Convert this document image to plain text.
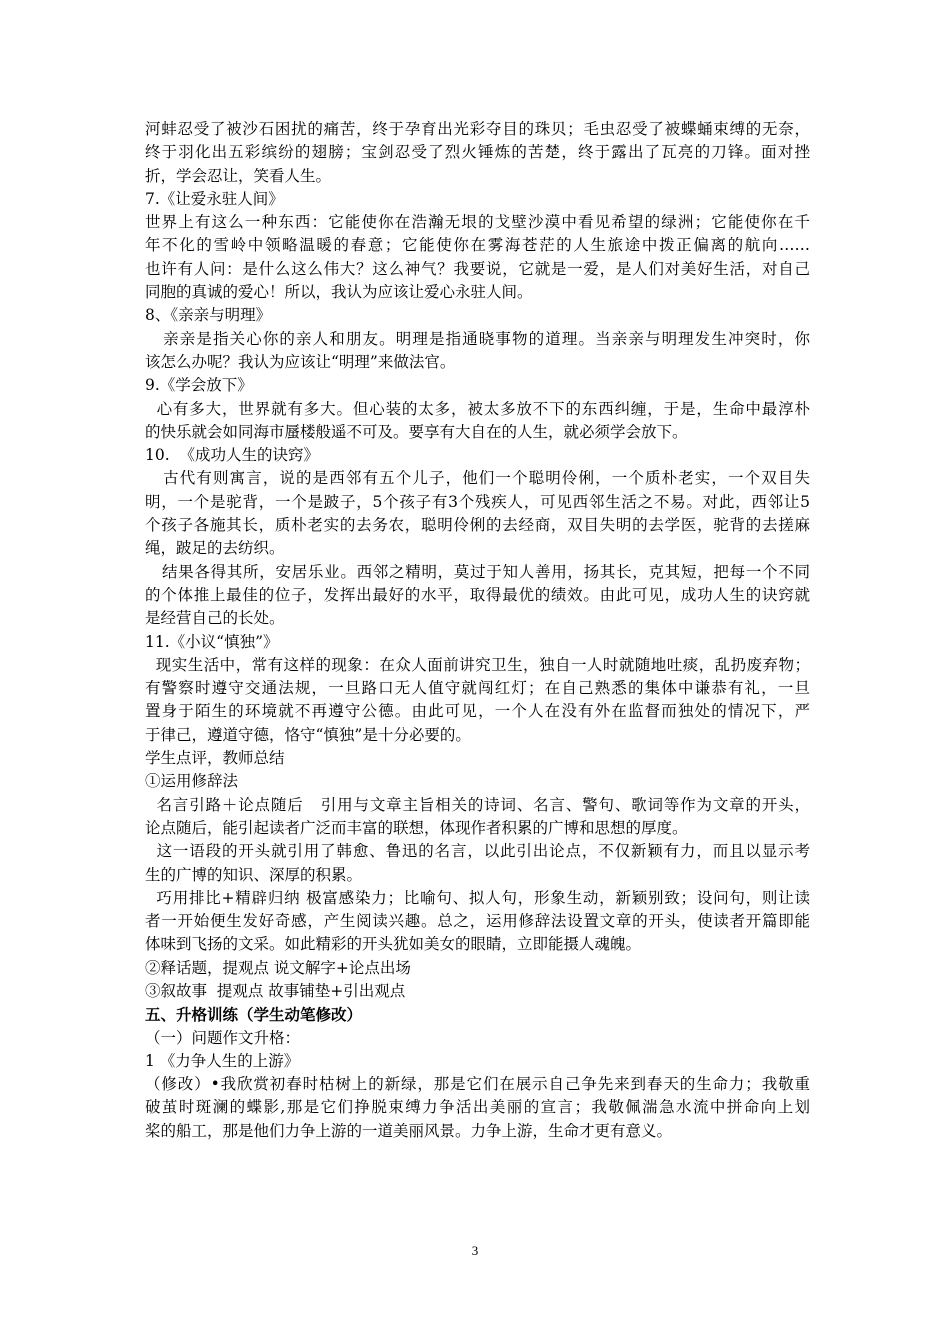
河蚌忍受了被沙石困扰的痛苦，终于孕育出光彩夺目的珠贝；毛虫忍受了被蝶蛹束缚的无奈，
终于羽化出五彩缤纷的翅膀；宝剑忍受了烈火锤炼的苦楚，终于露出了瓦亮的刀锋。面对挫
折，学会忍让，笑看人生。
7.《让爱永驻人间》
世界上有这么一种东西：它能使你在浩瀚无垠的戈壁沙漠中看见希望的绿洲；它能使你在千
年不化的雪岭中领略温暖的春意；它能使你在雾海苍茫的人生旅途中拨正偏离的航向……
也许有人问：是什么这么伟大？这么神气？我要说，它就是一爱，是人们对美好生活，对自己
同胞的真诚的爱心！所以，我认为应该让爱心永驻人间。
8、《亲亲与明理》
亲亲是指关心你的亲人和朋友。明理是指通晓事物的道理。当亲亲与明理发生冲突时，你
该怎么办呢？我认为应该让“明理”来做法官。
9.《学会放下》
心有多大，世界就有多大。但心装的太多，被太多放不下的东西纠缠，于是，生命中最淳朴
的快乐就会如同海市蜃楼般遥不可及。要享有大自在的人生，就必须学会放下。
10.  《成功人生的诀窍》
古代有则寓言，说的是西邻有五个儿子，他们一个聪明伶俐，一个质朴老实，一个双目失
明，一个是驼背，一个是跛子，5个孩子有3个残疾人，可见西邻生活之不易。对此，西邻让5
个孩子各施其长，质朴老实的去务农，聪明伶俐的去经商，双目失明的去学医，驼背的去搓麻
绳，跛足的去纺织。
结果各得其所，安居乐业。西邻之精明，莫过于知人善用，扬其长，克其短，把每一个不同
的个体推上最佳的位子，发挥出最好的水平，取得最优的绩效。由此可见，成功人生的诀窍就
是经营自己的长处。
11.《小议“慎独”》
现实生活中，常有这样的现象：在众人面前讲究卫生，独自一人时就随地吐痰，乱扔废弃物；
有警察时遵守交通法规，一旦路口无人值守就闯红灯；在自己熟悉的集体中谦恭有礼，一旦
置身于陌生的环境就不再遵守公德。由此可见，一个人在没有外在监督而独处的情况下，严
于律己，遵道守德，恪守“慎独”是十分必要的。
学生点评，教师总结
①运用修辞法
名言引路＋论点随后   引用与文章主旨相关的诗词、名言、警句、歌词等作为文章的开头，
论点随后，能引起读者广泛而丰富的联想，体现作者积累的广博和思想的厚度。
这一语段的开头就引用了韩愈、鲁迅的名言，以此引出论点，不仅新颖有力，而且以显示考
生的广博的知识、深厚的积累。
巧用排比+精辟归纳 极富感染力；比喻句、拟人句，形象生动，新颖别致；设问句，则让读
者一开始便生发好奇感，产生阅读兴趣。总之，运用修辞法设置文章的开头，使读者开篇即能
体味到飞扬的文采。如此精彩的开头犹如美女的眼睛，立即能摄人魂魄。
②释话题，提观点 说文解字+论点出场
③叙故事  提观点 故事铺垫+引出观点
五、升格训练（学生动笔修改）
（一）问题作文升格：
1 《力争人生的上游》
（修改）•我欣赏初春时枯树上的新绿，那是它们在展示自己争先来到春天的生命力；我敬重
破茧时斑澜的蝶影,那是它们挣脱束缚力争活出美丽的宣言；我敬佩湍急水流中拼命向上划
桨的船工，那是他们力争上游的一道美丽风景。力争上游，生命才更有意义。
3
